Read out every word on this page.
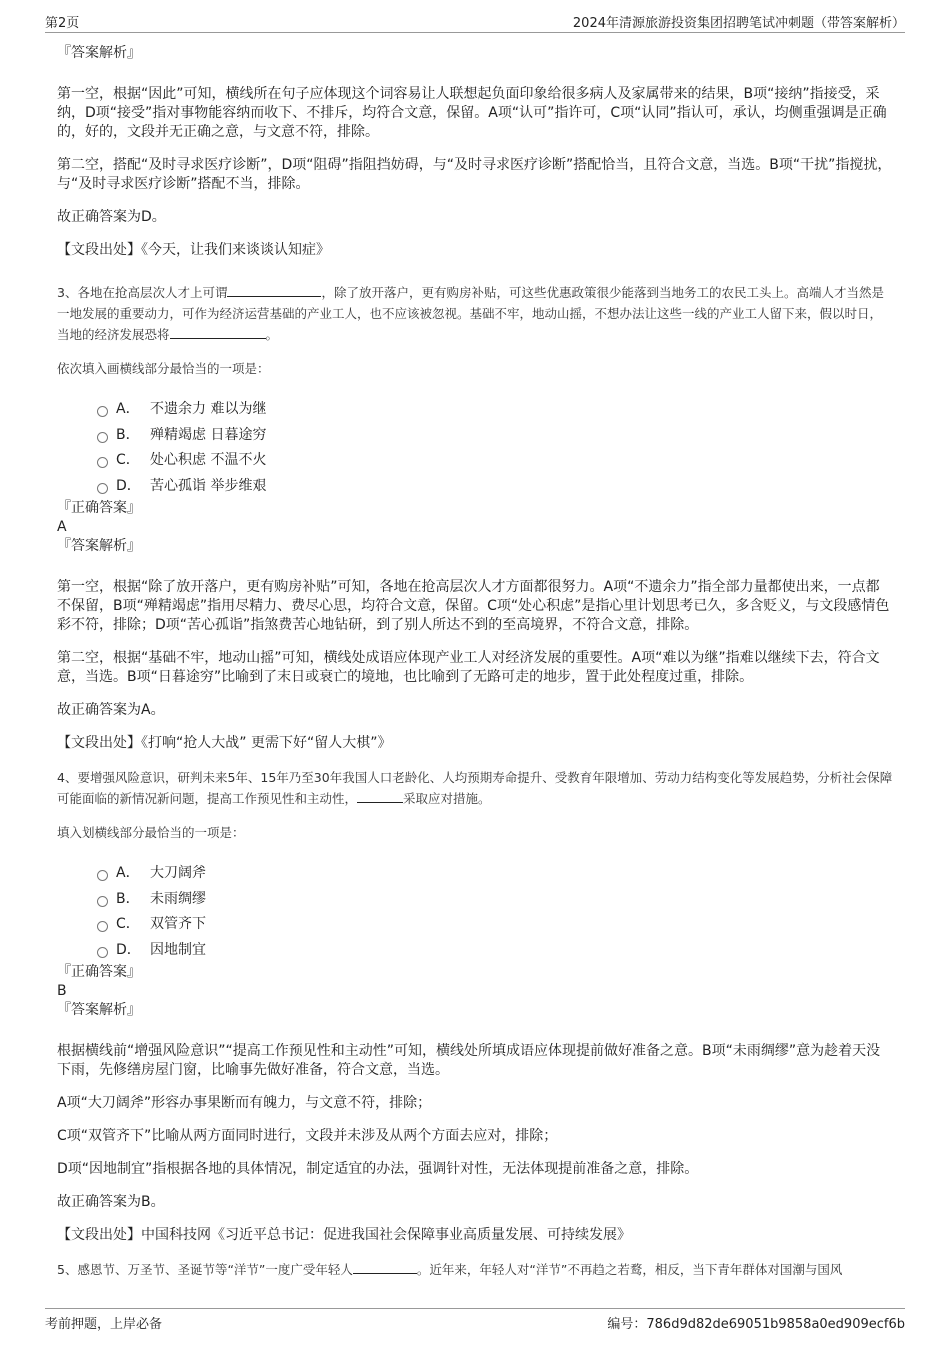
第2页	2024年清源旅游投资集团招聘笔试冲刺题（带答案解析）

『答案解析』

第一空，根据“因此”可知，横线所在句子应体现这个词容易让人联想起负面印象给很多病人及家属带来的结果，B项“接纳”指接受，采纳，D项“接受”指对事物能容纳而收下、不排斥，均符合文意，保留。A项“认可”指许可，C项“认同”指认可，承认，均侧重强调是正确的，好的，文段并无正确之意，与文意不符，排除。

第二空，搭配“及时寻求医疗诊断”，D项“阻碍”指阻挡妨碍，与“及时寻求医疗诊断”搭配恰当，且符合文意，当选。B项“干扰”指搅扰，与“及时寻求医疗诊断”搭配不当，排除。

故正确答案为D。

【文段出处】《今天，让我们来谈谈认知症》

3、各地在抢高层次人才上可谓	，除了放开落户，更有购房补贴，可这些优惠政策很少能落到当地务工的农民工头上。高端人才当然是一地发展的重要动力，可作为经济运营基础的产业工人，也不应该被忽视。基础不牢，地动山摇，不想办法让这些一线的产业工人留下来，假以时日，当地的经济发展恐将	。

依次填入画横线部分最恰当的一项是：

A． 不遗余力 难以为继
B． 殚精竭虑 日暮途穷
C． 处心积虑 不温不火
D． 苦心孤诣 举步维艰

『正确答案』

A

『答案解析』

第一空，根据“除了放开落户，更有购房补贴”可知，各地在抢高层次人才方面都很努力。A项“不遗余力”指全部力量都使出来，一点都不保留，B项“殚精竭虑”指用尽精力、费尽心思，均符合文意，保留。C项“处心积虑”是指心里计划思考已久，多含贬义，与文段感情色彩不符，排除；D项“苦心孤诣”指煞费苦心地钻研，到了别人所达不到的至高境界，不符合文意，排除。

第二空，根据“基础不牢，地动山摇”可知，横线处成语应体现产业工人对经济发展的重要性。A项“难以为继”指难以继续下去，符合文意，当选。B项“日暮途穷”比喻到了末日或衰亡的境地，也比喻到了无路可走的地步，置于此处程度过重，排除。

故正确答案为A。

【文段出处】《打响“抢人大战” 更需下好“留人大棋”》

4、要增强风险意识，研判未来5年、15年乃至30年我国人口老龄化、人均预期寿命提升、受教育年限增加、劳动力结构变化等发展趋势，分析社会保障可能面临的新情况新问题，提高工作预见性和主动性，	采取应对措施。

填入划横线部分最恰当的一项是：

A． 大刀阔斧
B． 未雨绸缪
C． 双管齐下
D． 因地制宜

『正确答案』

B

『答案解析』

根据横线前“增强风险意识”“提高工作预见性和主动性”可知，横线处所填成语应体现提前做好准备之意。B项“未雨绸缪”意为趁着天没下雨，先修缮房屋门窗，比喻事先做好准备，符合文意，当选。

A项“大刀阔斧”形容办事果断而有魄力，与文意不符，排除；

C项“双管齐下”比喻从两方面同时进行，文段并未涉及从两个方面去应对，排除；

D项“因地制宜”指根据各地的具体情况，制定适宜的办法，强调针对性，无法体现提前准备之意，排除。

故正确答案为B。

【文段出处】中国科技网《习近平总书记：促进我国社会保障事业高质量发展、可持续发展》

5、感恩节、万圣节、圣诞节等“洋节”一度广受年轻人	。近年来，年轻人对“洋节”不再趋之若鹜，相反，当下青年群体对国潮与国风

考前押题，上岸必备	编号：786d9d82de69051b9858a0ed909ecf6b
